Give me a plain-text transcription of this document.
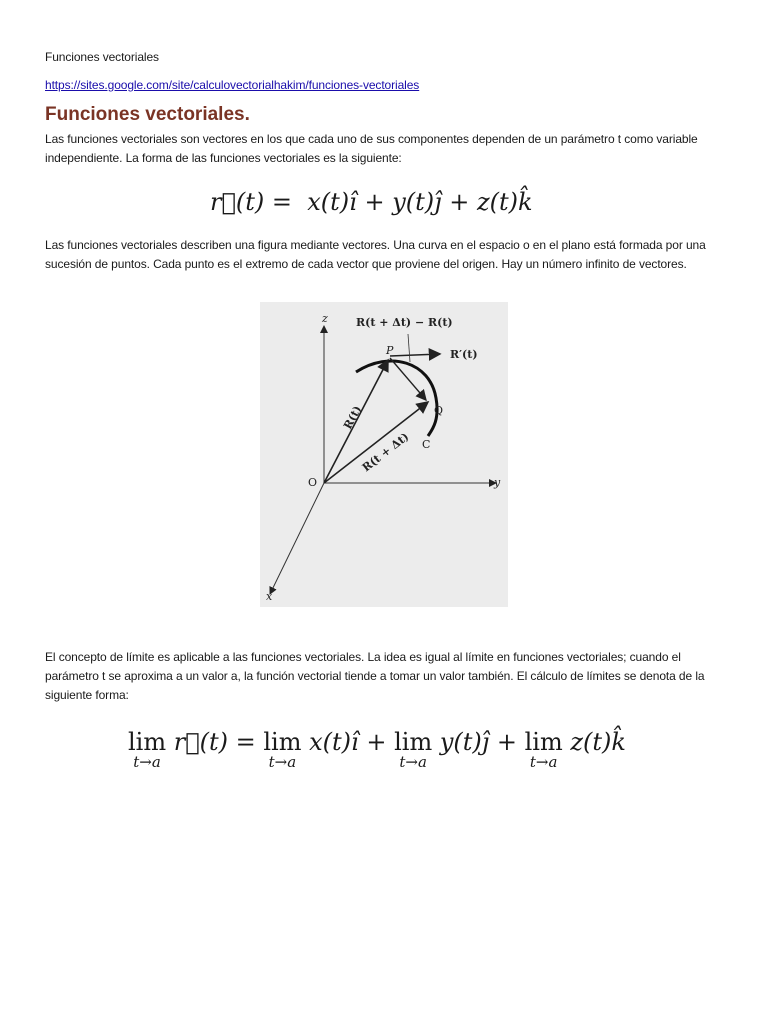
Funciones vectoriales
https://sites.google.com/site/calculovectorialhakim/funciones-vectoriales
Funciones vectoriales.

Las funciones vectoriales son vectores en los que cada uno de sus componentes dependen de un parámetro t como variable independiente. La forma de las funciones vectoriales es la siguiente:

r⃗(t) = x(t)î + y(t)ĵ + z(t)k̂

Las funciones vectoriales describen una figura mediante vectores. Una curva en el espacio o en el plano está formada por una sucesión de puntos. Cada punto es el extremo de cada vector que proviene del origen. Hay un número infinito de vectores.

R(t + Δt) − R(t)
R′(t)
P
Q
C
O
z
y
x
R(t)
R(t + Δt)

El concepto de límite es aplicable a las funciones vectoriales. La idea es igual al límite en funciones vectoriales; cuando el parámetro t se aproxima a un valor a, la función vectorial tiende a tomar un valor también. El cálculo de límites se denota de la siguiente forma:

lim
t→a
r⃗(t) = lim
t→a
x(t)î + lim
t→a
y(t)ĵ + lim
t→a
z(t)k̂
